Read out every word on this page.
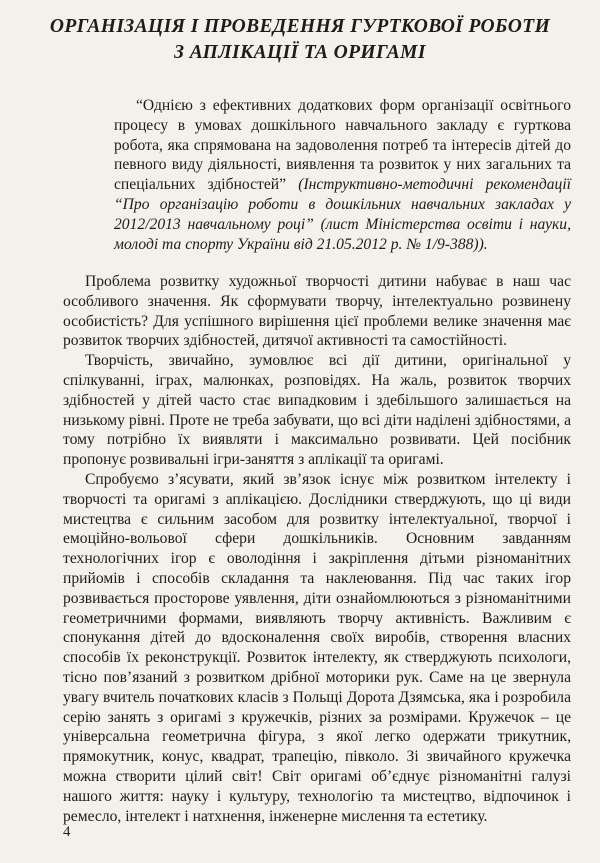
ОРГАНІЗАЦІЯ І ПРОВЕДЕННЯ ГУРТКОВОЇ РОБОТИ
З АПЛІКАЦІЇ ТА ОРИГАМІ
“Однією з ефективних додаткових форм організації освітнього процесу в умовах дошкільного навчального закладу є гурткова робота, яка спрямована на задоволення потреб та інтересів дітей до певного виду діяльності, виявлення та розвиток у них загальних та спеціальних здібностей” (Інструктивно-методичні рекомендації “Про організацію роботи в дошкільних навчальних закладах у 2012/2013 навчальному році” (лист Міністерства освіти і науки, молоді та спорту України від 21.05.2012 р. № 1/9-388)).

Проблема розвитку художньої творчості дитини набуває в наш час особливого значення. Як сформувати творчу, інтелектуально розвинену особистість? Для успішного вирішення цієї проблеми велике значення має розвиток творчих здібностей, дитячої активності та самостійності.

Творчість, звичайно, зумовлює всі дії дитини, оригінальної у спілкуванні, іграх, малюнках, розповідях. На жаль, розвиток творчих здібностей у дітей часто стає випадковим і здебільшого залишається на низькому рівні. Проте не треба забувати, що всі діти наділені здібностями, а тому потрібно їх виявляти і максимально розвивати. Цей посібник пропонує розвивальні ігри-заняття з аплікації та оригамі.

Спробуємо з’ясувати, який зв’язок існує між розвитком інтелекту і творчості та оригамі з аплікацією. Дослідники стверджують, що ці види мистецтва є сильним засобом для розвитку інтелектуальної, творчої і емоційно-вольової сфери дошкільників. Основним завданням технологічних ігор є оволодіння і закріплення дітьми різноманітних прийомів і способів складання та наклеювання. Під час таких ігор розвивається просторове уявлення, діти ознайомлюються з різноманітними геометричними формами, виявляють творчу активність. Важливим є спонукання дітей до вдосконалення своїх виробів, створення власних способів їх реконструкції. Розвиток інтелекту, як стверджують психологи, тісно пов’язаний з розвитком дрібної моторики рук. Саме на це звернула увагу вчитель початкових класів з Польщі Дорота Дзямська, яка і розробила серію занять з оригамі з кружечків, різних за розмірами. Кружечок – це універсальна геометрична фігура, з якої легко одержати трикутник, прямокутник, конус, квадрат, трапецію, півколо. Зі звичайного кружечка можна створити цілий світ! Світ оригамі об’єднує різноманітні галузі нашого життя: науку і культуру, технологію та мистецтво, відпочинок і ремесло, інтелект і натхнення, інженерне мислення та естетику.

4
